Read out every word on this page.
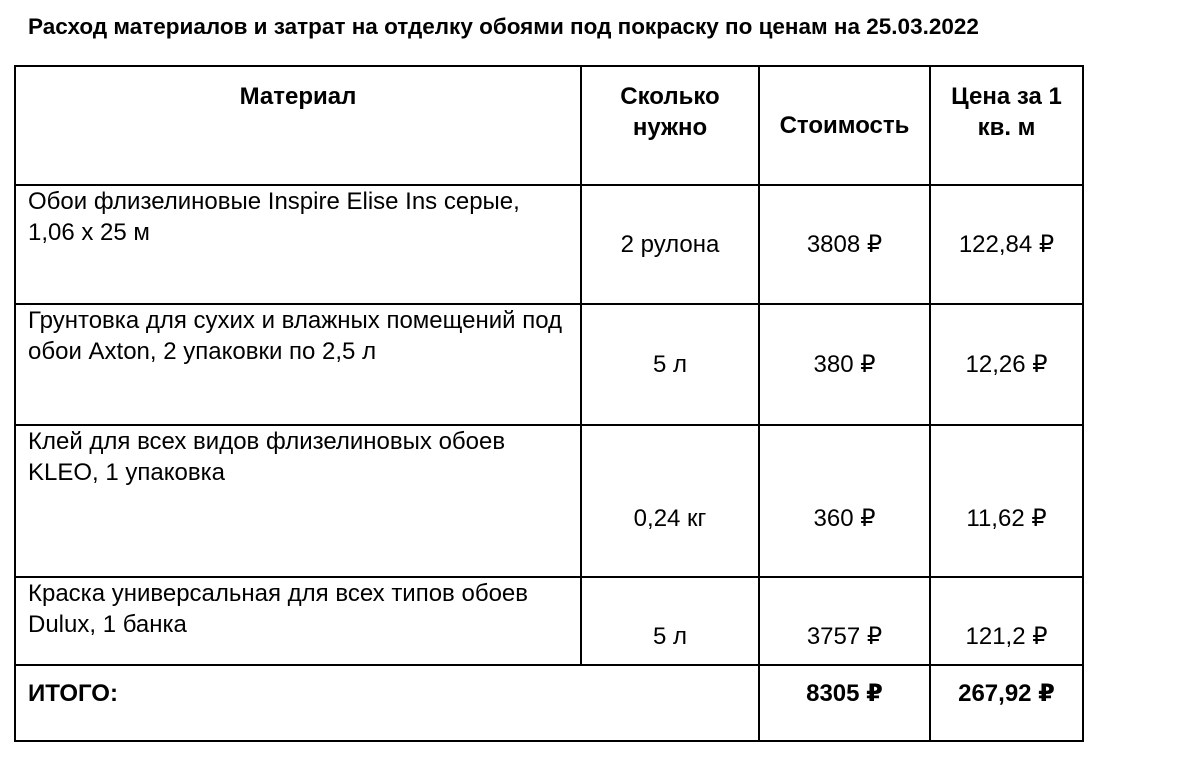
Расход материалов и затрат на отделку обоями под покраску по ценам на 25.03.2022
Материал	Сколько нужно	Стоимость	Цена за 1 кв. м
Обои флизелиновые Inspire Elise Ins серые, 1,06 х 25 м	2 рулона	3808 ₽	122,84 ₽
Грунтовка для сухих и влажных помещений под обои Axton, 2 упаковки по 2,5 л	5 л	380 ₽	12,26 ₽
Клей для всех видов флизелиновых обоев KLEO, 1 упаковка	0,24 кг	360 ₽	11,62 ₽
Краска универсальная для всех типов обоев Dulux, 1 банка	5 л	3757 ₽	121,2 ₽
ИТОГО:		8305 ₽	267,92 ₽
